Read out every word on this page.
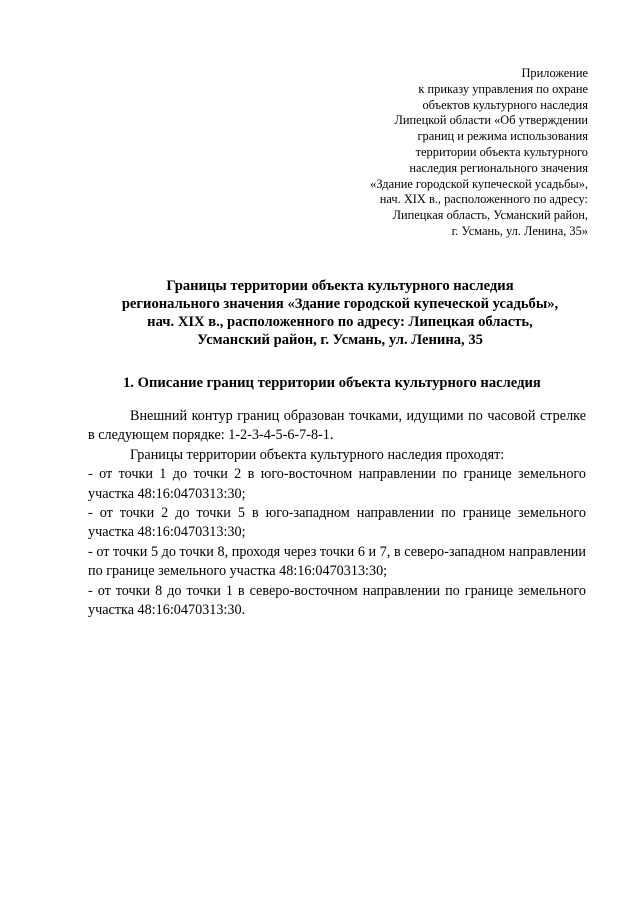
Приложение
к приказу управления по охране
объектов культурного наследия
Липецкой области «Об утверждении
границ и режима использования
территории объекта культурного
наследия регионального значения
«Здание городской купеческой усадьбы»,
нач. XIX в., расположенного по адресу:
Липецкая область, Усманский район,
г. Усмань, ул. Ленина, 35»
Границы территории объекта культурного наследия
регионального значения «Здание городской купеческой усадьбы»,
нач. XIX в., расположенного по адресу: Липецкая область,
Усманский район, г. Усмань, ул. Ленина, 35
1. Описание границ территории объекта культурного наследия

Внешний контур границ образован точками, идущими по часовой стрелке в следующем порядке: 1-2-3-4-5-6-7-8-1.

Границы территории объекта культурного наследия проходят:

- от точки 1 до точки 2 в юго-восточном направлении по границе земельного участка 48:16:0470313:30;

- от точки 2 до точки 5 в юго-западном направлении по границе земельного участка 48:16:0470313:30;

- от точки 5 до точки 8, проходя через точки 6 и 7, в северо-западном направлении по границе земельного участка 48:16:0470313:30;

- от точки 8 до точки 1 в северо-восточном направлении по границе земельного участка 48:16:0470313:30.
